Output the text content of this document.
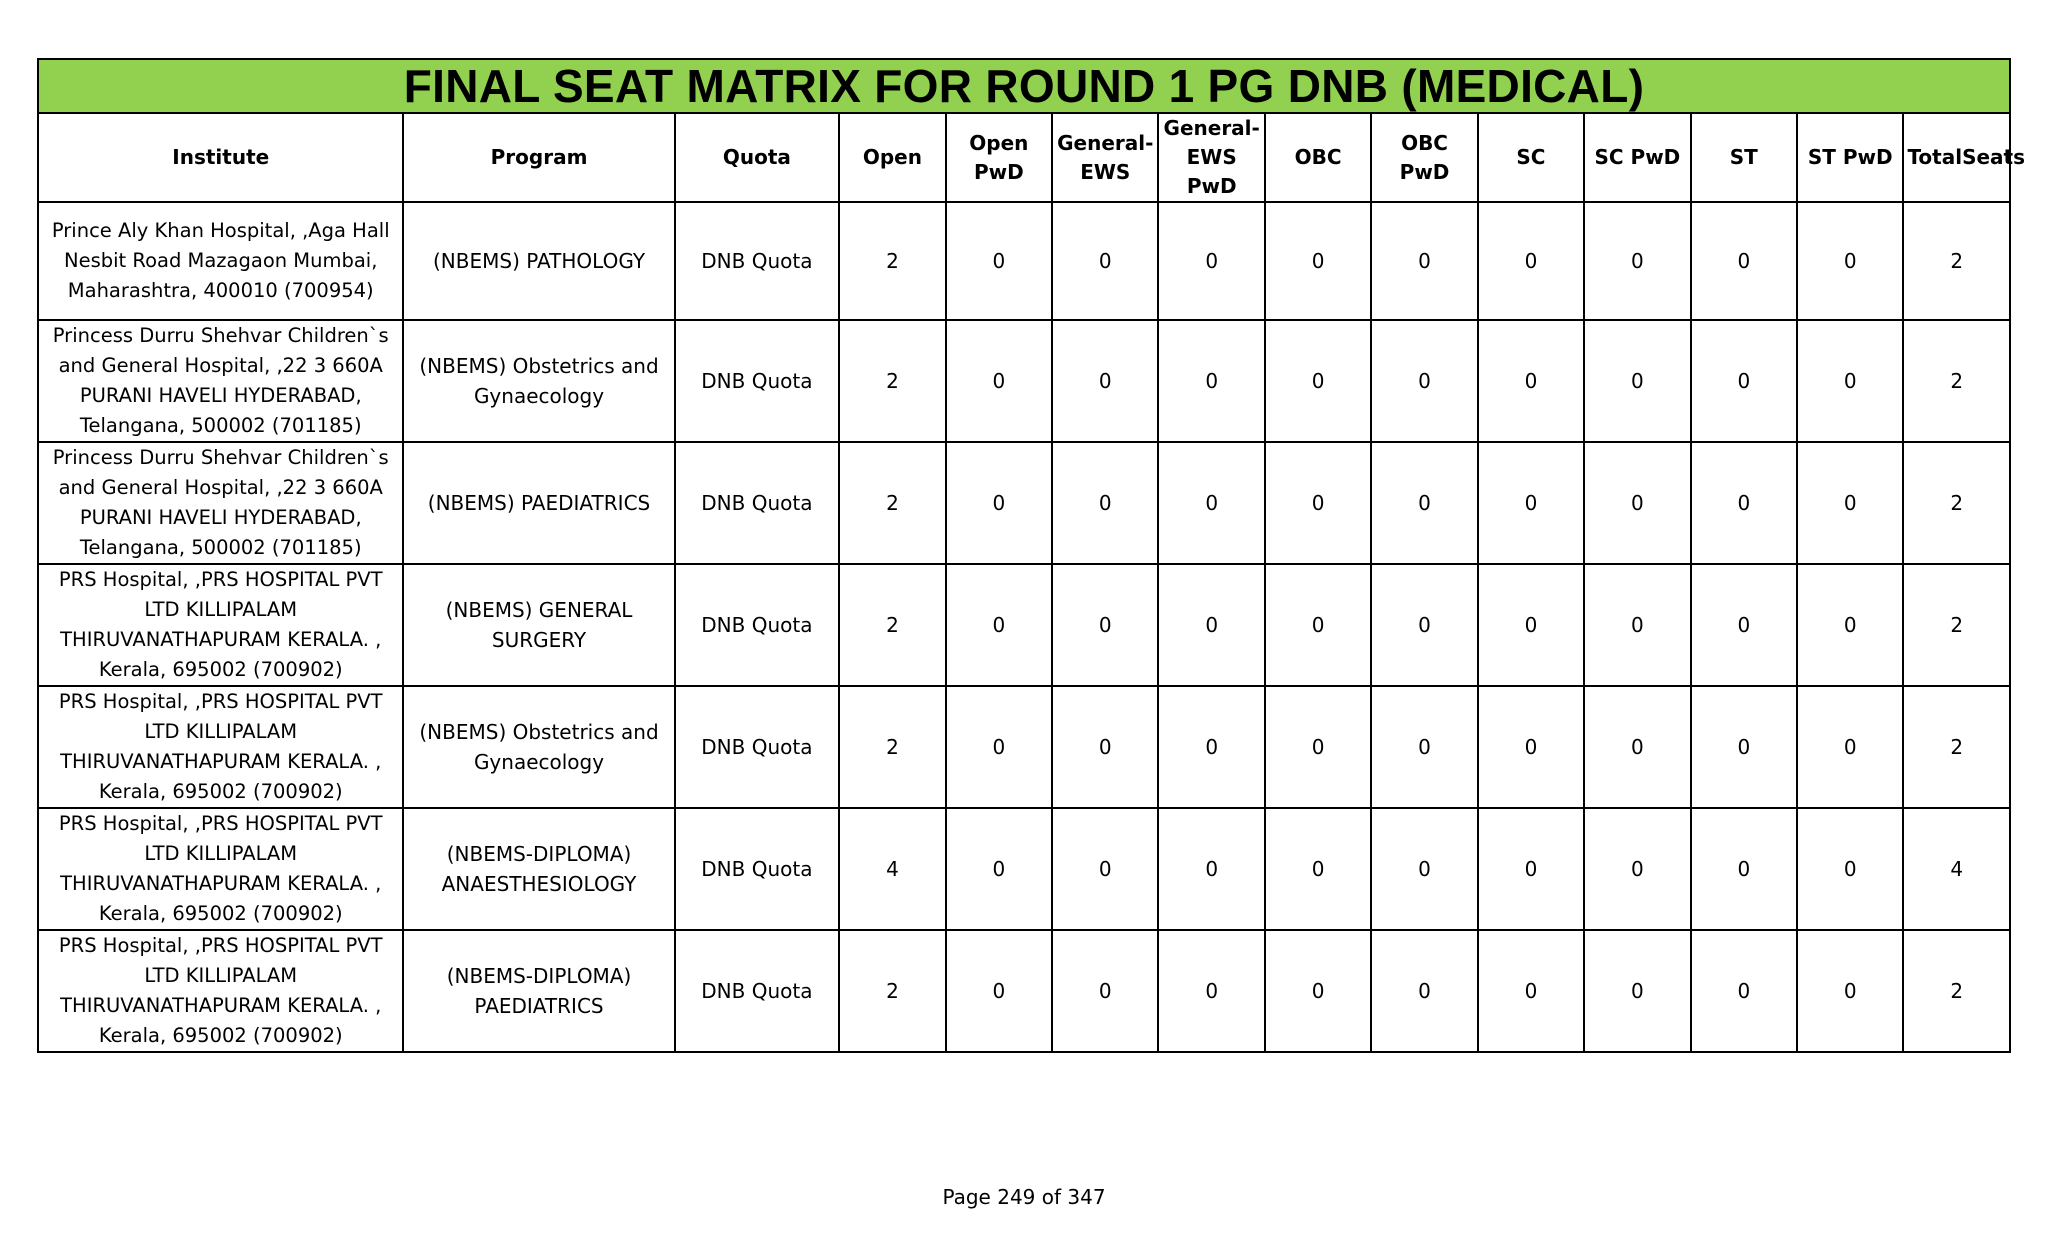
FINAL SEAT MATRIX FOR ROUND 1 PG DNB (MEDICAL)													
Institute	Program	Quota	Open	Open PwD	General-EWS	General-EWS PwD	OBC	OBC PwD	SC	SC PwD	ST	ST PwD	TotalSeats
Prince Aly Khan Hospital, ,Aga Hall Nesbit Road Mazagaon Mumbai, Maharashtra, 400010 (700954)	(NBEMS) PATHOLOGY	DNB Quota	2	0	0	0	0	0	0	0	0	0	2
Princess Durru Shehvar Children`s and General Hospital, ,22 3 660A PURANI HAVELI HYDERABAD, Telangana, 500002 (701185)	(NBEMS) Obstetrics and Gynaecology	DNB Quota	2	0	0	0	0	0	0	0	0	0	2
Princess Durru Shehvar Children`s and General Hospital, ,22 3 660A PURANI HAVELI HYDERABAD, Telangana, 500002 (701185)	(NBEMS) PAEDIATRICS	DNB Quota	2	0	0	0	0	0	0	0	0	0	2
PRS Hospital, ,PRS HOSPITAL PVT LTD KILLIPALAM THIRUVANATHAPURAM KERALA. , Kerala, 695002 (700902)	(NBEMS) GENERAL SURGERY	DNB Quota	2	0	0	0	0	0	0	0	0	0	2
PRS Hospital, ,PRS HOSPITAL PVT LTD KILLIPALAM THIRUVANATHAPURAM KERALA. , Kerala, 695002 (700902)	(NBEMS) Obstetrics and Gynaecology	DNB Quota	2	0	0	0	0	0	0	0	0	0	2
PRS Hospital, ,PRS HOSPITAL PVT LTD KILLIPALAM THIRUVANATHAPURAM KERALA. , Kerala, 695002 (700902)	(NBEMS-DIPLOMA) ANAESTHESIOLOGY	DNB Quota	4	0	0	0	0	0	0	0	0	0	4
PRS Hospital, ,PRS HOSPITAL PVT LTD KILLIPALAM THIRUVANATHAPURAM KERALA. , Kerala, 695002 (700902)	(NBEMS-DIPLOMA) PAEDIATRICS	DNB Quota	2	0	0	0	0	0	0	0	0	0	2
Page 249 of 347
